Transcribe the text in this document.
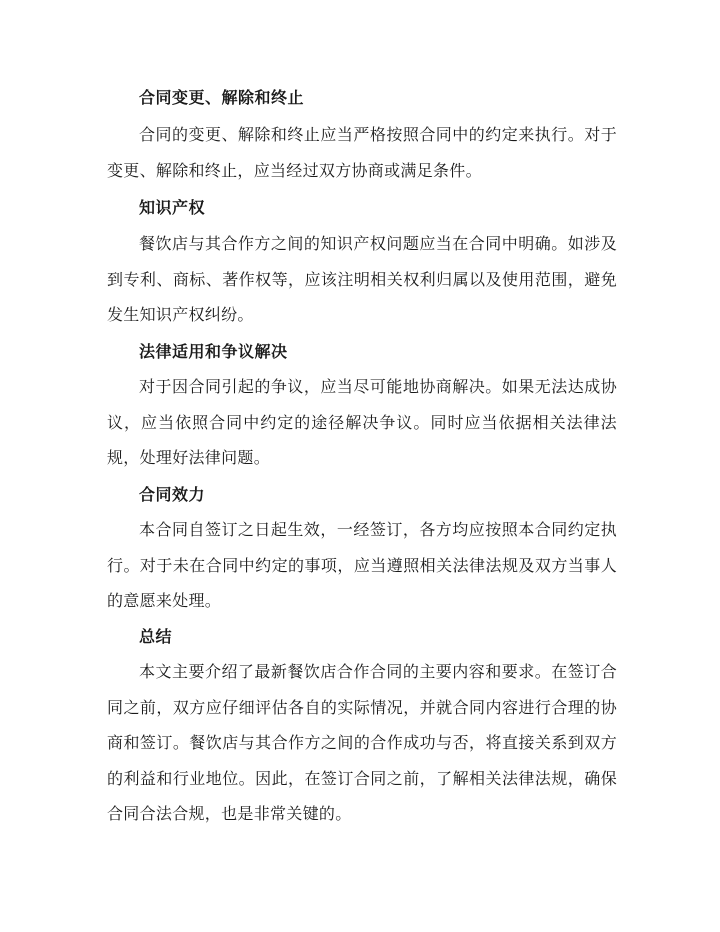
合同变更、解除和终止
合同的变更、解除和终止应当严格按照合同中的约定来执行。对于变更、解除和终止，应当经过双方协商或满足条件。
知识产权
餐饮店与其合作方之间的知识产权问题应当在合同中明确。如涉及到专利、商标、著作权等，应该注明相关权利归属以及使用范围，避免发生知识产权纠纷。
法律适用和争议解决
对于因合同引起的争议，应当尽可能地协商解决。如果无法达成协议，应当依照合同中约定的途径解决争议。同时应当依据相关法律法规，处理好法律问题。
合同效力
本合同自签订之日起生效，一经签订，各方均应按照本合同约定执行。对于未在合同中约定的事项，应当遵照相关法律法规及双方当事人的意愿来处理。
总结
本文主要介绍了最新餐饮店合作合同的主要内容和要求。在签订合同之前，双方应仔细评估各自的实际情况，并就合同内容进行合理的协商和签订。餐饮店与其合作方之间的合作成功与否，将直接关系到双方的利益和行业地位。因此，在签订合同之前，了解相关法律法规，确保合同合法合规，也是非常关键的。
